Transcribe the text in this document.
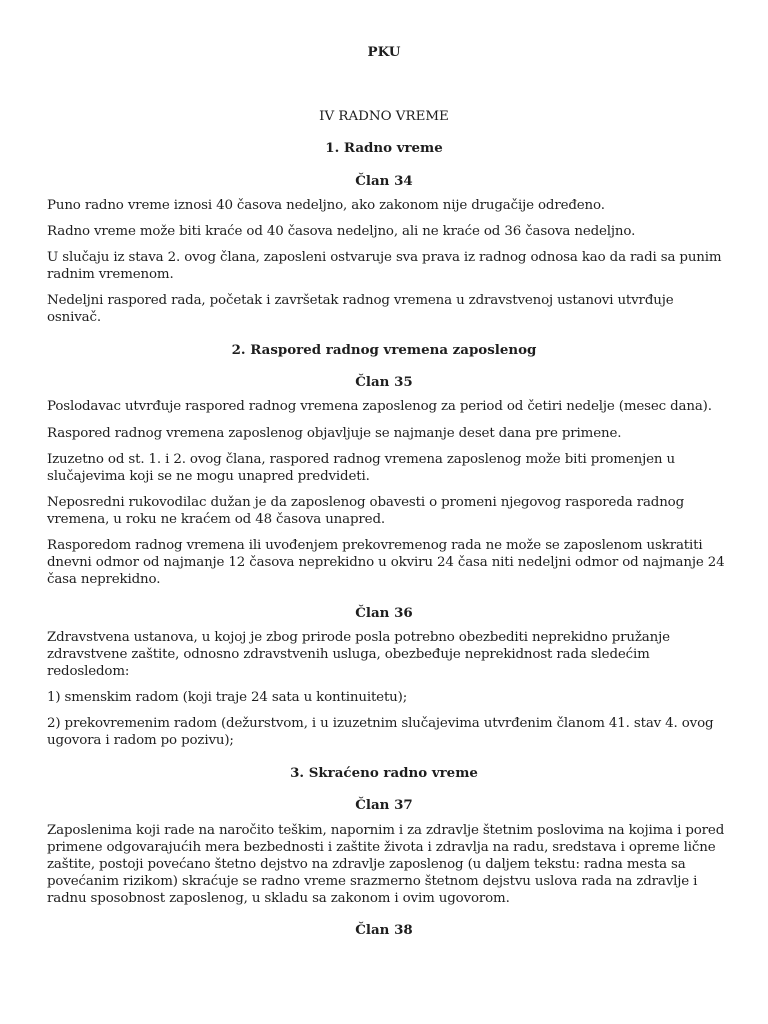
PKU
IV RADNO VREME
1. Radno vreme
Član 34
Puno radno vreme iznosi 40 časova nedeljno, ako zakonom nije drugačije određeno.
Radno vreme može biti kraće od 40 časova nedeljno, ali ne kraće od 36 časova nedeljno.
U slučaju iz stava 2. ovog člana, zaposleni ostvaruje sva prava iz radnog odnosa kao da radi sa punim
radnim vremenom.
Nedeljni raspored rada, početak i završetak radnog vremena u zdravstvenoj ustanovi utvrđuje
osnivač.
2. Raspored radnog vremena zaposlenog
Član 35
Poslodavac utvrđuje raspored radnog vremena zaposlenog za period od četiri nedelje (mesec dana).
Raspored radnog vremena zaposlenog objavljuje se najmanje deset dana pre primene.
Izuzetno od st. 1. i 2. ovog člana, raspored radnog vremena zaposlenog može biti promenjen u
slučajevima koji se ne mogu unapred predvideti.
Neposredni rukovodilac dužan je da zaposlenog obavesti o promeni njegovog rasporeda radnog
vremena, u roku ne kraćem od 48 časova unapred.
Rasporedom radnog vremena ili uvođenjem prekovremenog rada ne može se zaposlenom uskratiti
dnevni odmor od najmanje 12 časova neprekidno u okviru 24 časa niti nedeljni odmor od najmanje 24
časa neprekidno.
Član 36
Zdravstvena ustanova, u kojoj je zbog prirode posla potrebno obezbediti neprekidno pružanje
zdravstvene zaštite, odnosno zdravstvenih usluga, obezbeđuje neprekidnost rada sledećim
redosledom:
1) smenskim radom (koji traje 24 sata u kontinuitetu);
2) prekovremenim radom (dežurstvom, i u izuzetnim slučajevima utvrđenim članom 41. stav 4. ovog
ugovora i radom po pozivu);
3. Skraćeno radno vreme
Član 37
Zaposlenima koji rade na naročito teškim, napornim i za zdravlje štetnim poslovima na kojima i pored
primene odgovarajućih mera bezbednosti i zaštite života i zdravlja na radu, sredstava i opreme lične
zaštite, postoji povećano štetno dejstvo na zdravlje zaposlenog (u daljem tekstu: radna mesta sa
povećanim rizikom) skraćuje se radno vreme srazmerno štetnom dejstvu uslova rada na zdravlje i
radnu sposobnost zaposlenog, u skladu sa zakonom i ovim ugovorom.
Član 38
